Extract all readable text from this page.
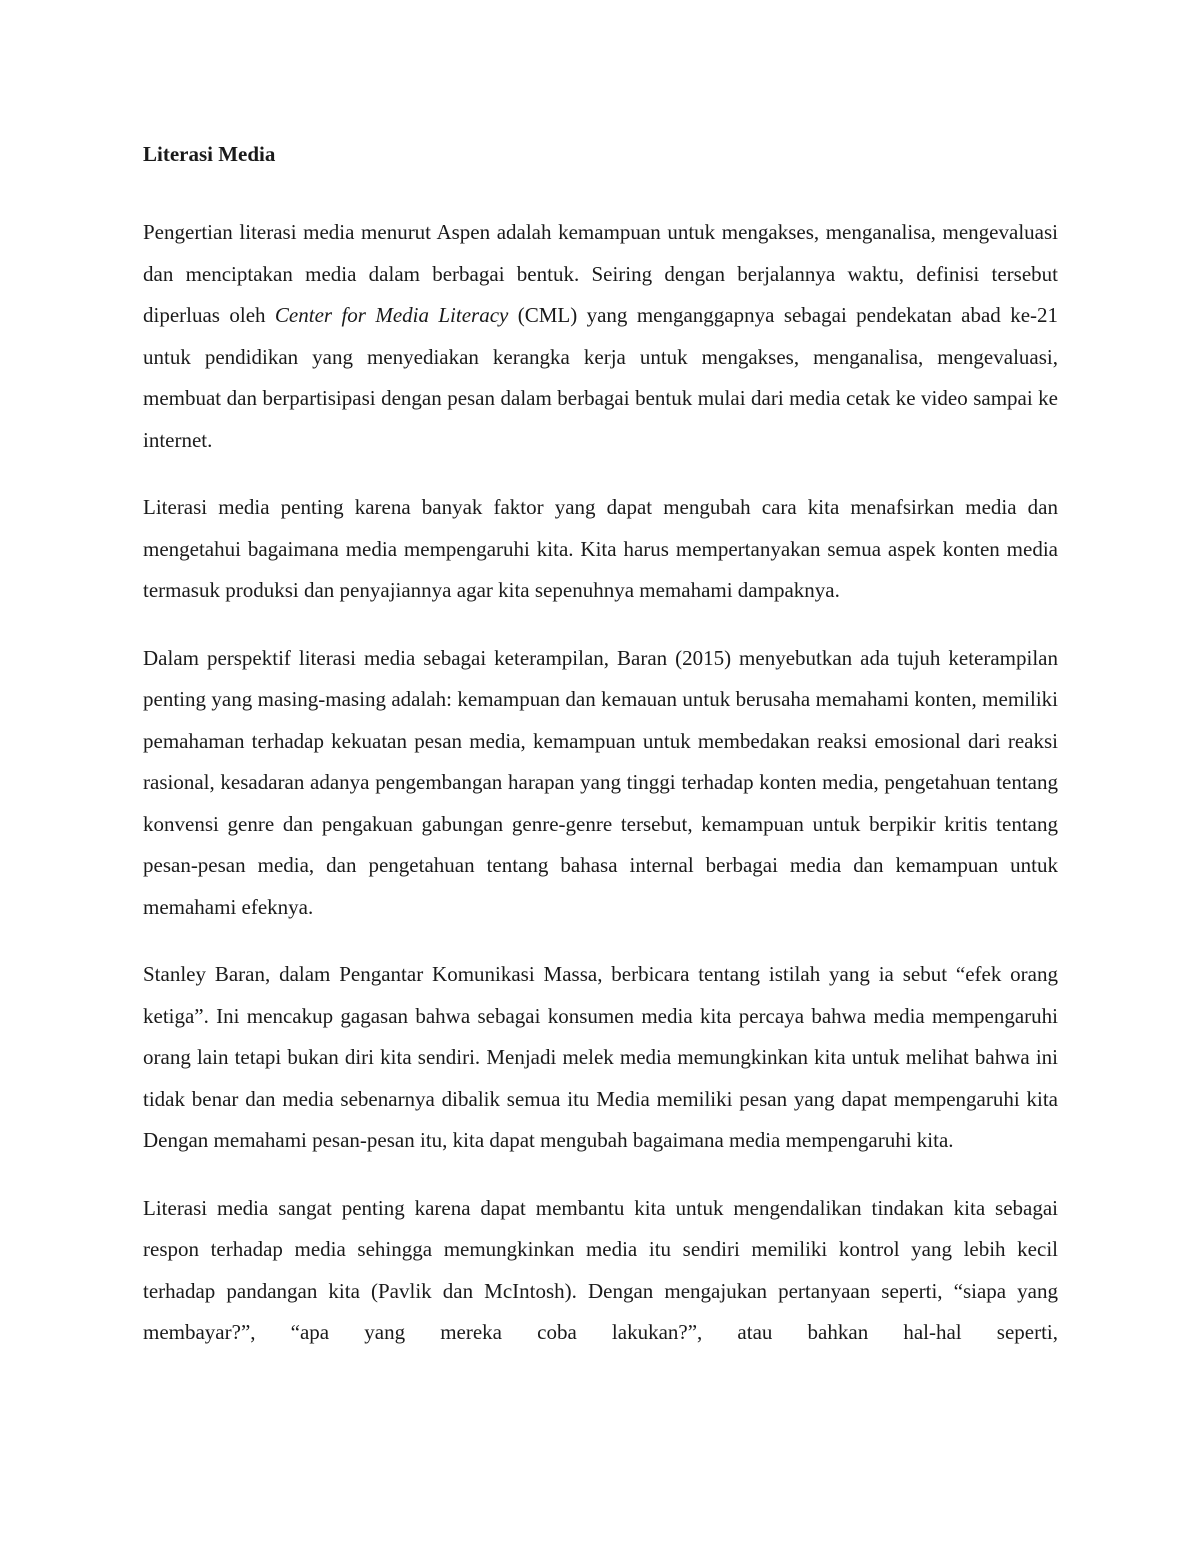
Literasi Media

Pengertian literasi media menurut Aspen adalah kemampuan untuk mengakses, menganalisa, mengevaluasi dan menciptakan media dalam berbagai bentuk. Seiring dengan berjalannya waktu, definisi tersebut diperluas oleh Center for Media Literacy (CML) yang menganggapnya sebagai pendekatan abad ke-21 untuk pendidikan yang menyediakan kerangka kerja untuk mengakses, menganalisa, mengevaluasi, membuat dan berpartisipasi dengan pesan dalam berbagai bentuk mulai dari media cetak ke video sampai ke internet.

Literasi media penting karena banyak faktor yang dapat mengubah cara kita menafsirkan media dan mengetahui bagaimana media mempengaruhi kita. Kita harus mempertanyakan semua aspek konten media termasuk produksi dan penyajiannya agar kita sepenuhnya memahami dampaknya.

Dalam perspektif literasi media sebagai keterampilan, Baran (2015) menyebutkan ada tujuh keterampilan penting yang masing-masing adalah: kemampuan dan kemauan untuk berusaha memahami konten, memiliki pemahaman terhadap kekuatan pesan media, kemampuan untuk membedakan reaksi emosional dari reaksi rasional, kesadaran adanya pengembangan harapan yang tinggi terhadap konten media, pengetahuan tentang konvensi genre dan pengakuan gabungan genre-genre tersebut, kemampuan untuk berpikir kritis tentang pesan-pesan media, dan pengetahuan tentang bahasa internal berbagai media dan kemampuan untuk memahami efeknya.

Stanley Baran, dalam Pengantar Komunikasi Massa, berbicara tentang istilah yang ia sebut “efek orang ketiga”. Ini mencakup gagasan bahwa sebagai konsumen media kita percaya bahwa media mempengaruhi orang lain tetapi bukan diri kita sendiri. Menjadi melek media memungkinkan kita untuk melihat bahwa ini tidak benar dan media sebenarnya dibalik semua itu Media memiliki pesan yang dapat mempengaruhi kita Dengan memahami pesan-pesan itu, kita dapat mengubah bagaimana media mempengaruhi kita.

Literasi media sangat penting karena dapat membantu kita untuk mengendalikan tindakan kita sebagai respon terhadap media sehingga memungkinkan media itu sendiri memiliki kontrol yang lebih kecil terhadap pandangan kita (Pavlik dan McIntosh). Dengan mengajukan pertanyaan seperti, “siapa yang membayar?”, “apa yang mereka coba lakukan?”, atau bahkan hal-hal seperti,
